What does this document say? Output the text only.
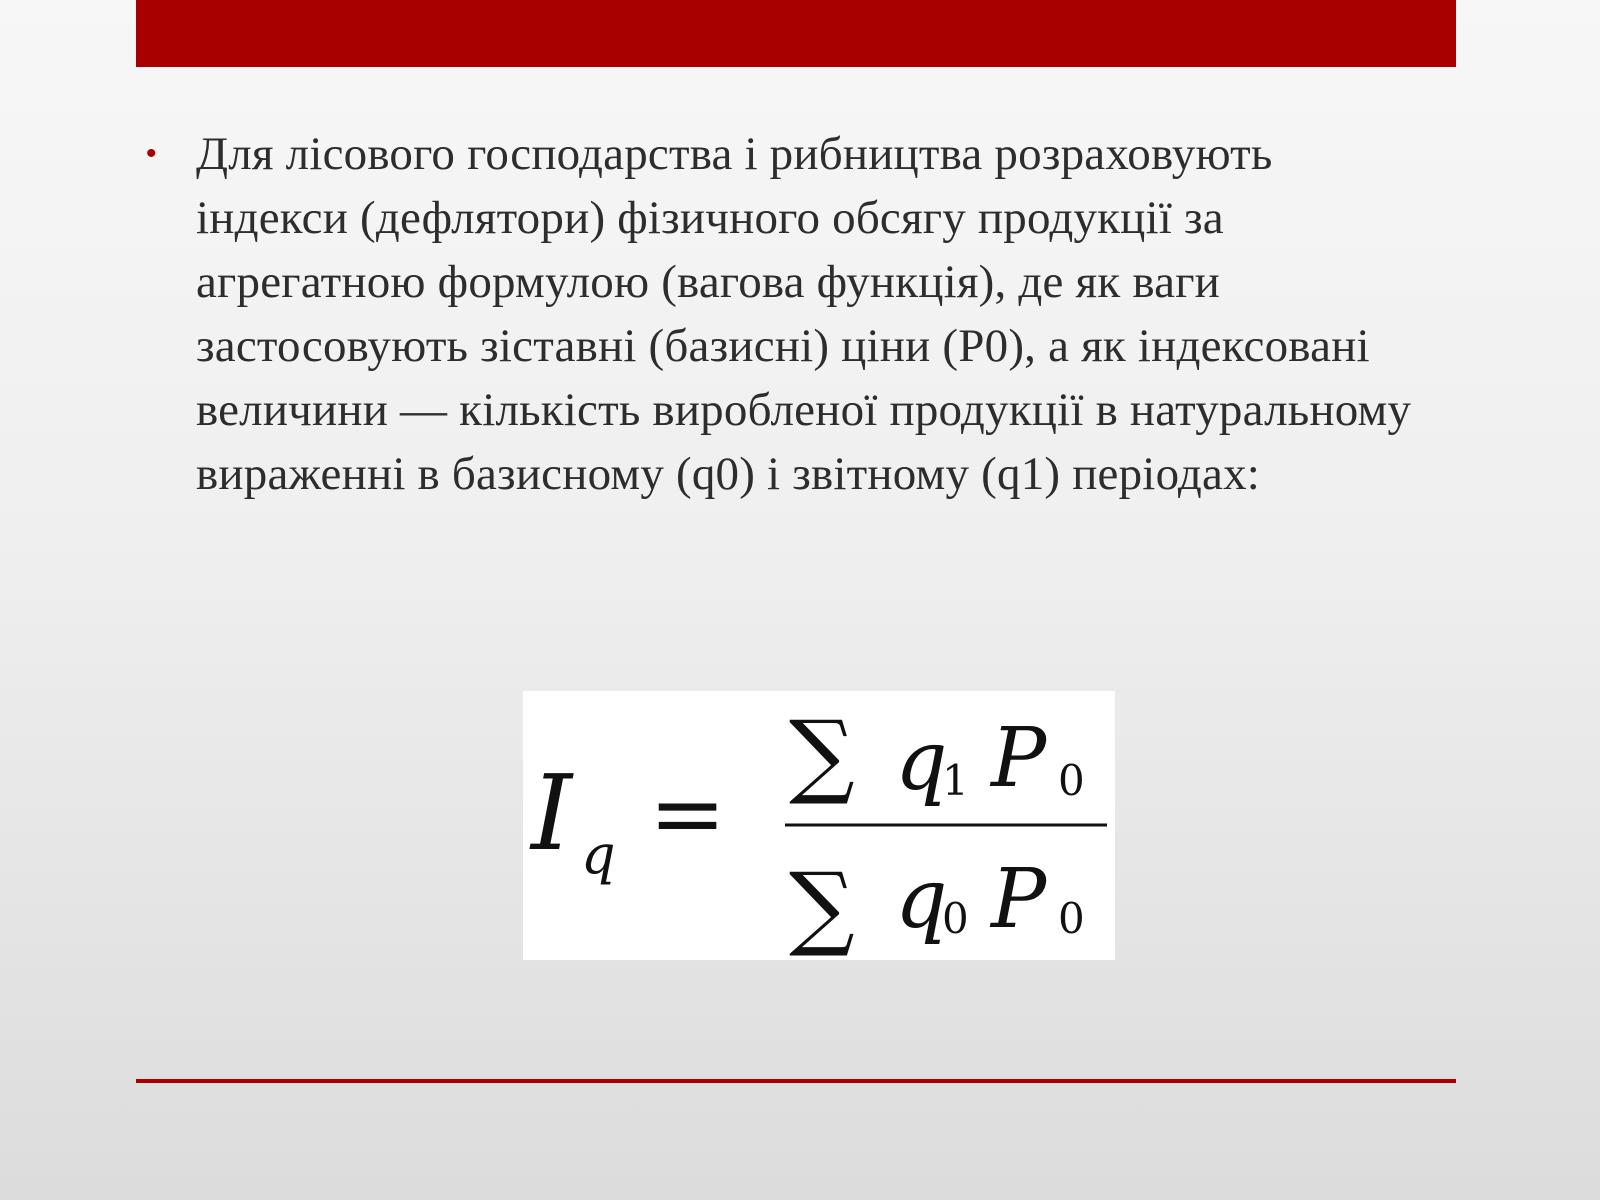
• Для лісового господарства і рибництва розраховують індекси (дефлятори) фізичного обсягу продукції за агрегатною формулою (вагова функція), де як ваги застосовують зіставні (базисні) ціни (P0), а як індексовані величини — кількість виробленої продукції в натуральному вираженні в базисному (q0) і звітному (q1) періодах:

I q =
∑ q
1 P 0
∑ q
0 P 0
